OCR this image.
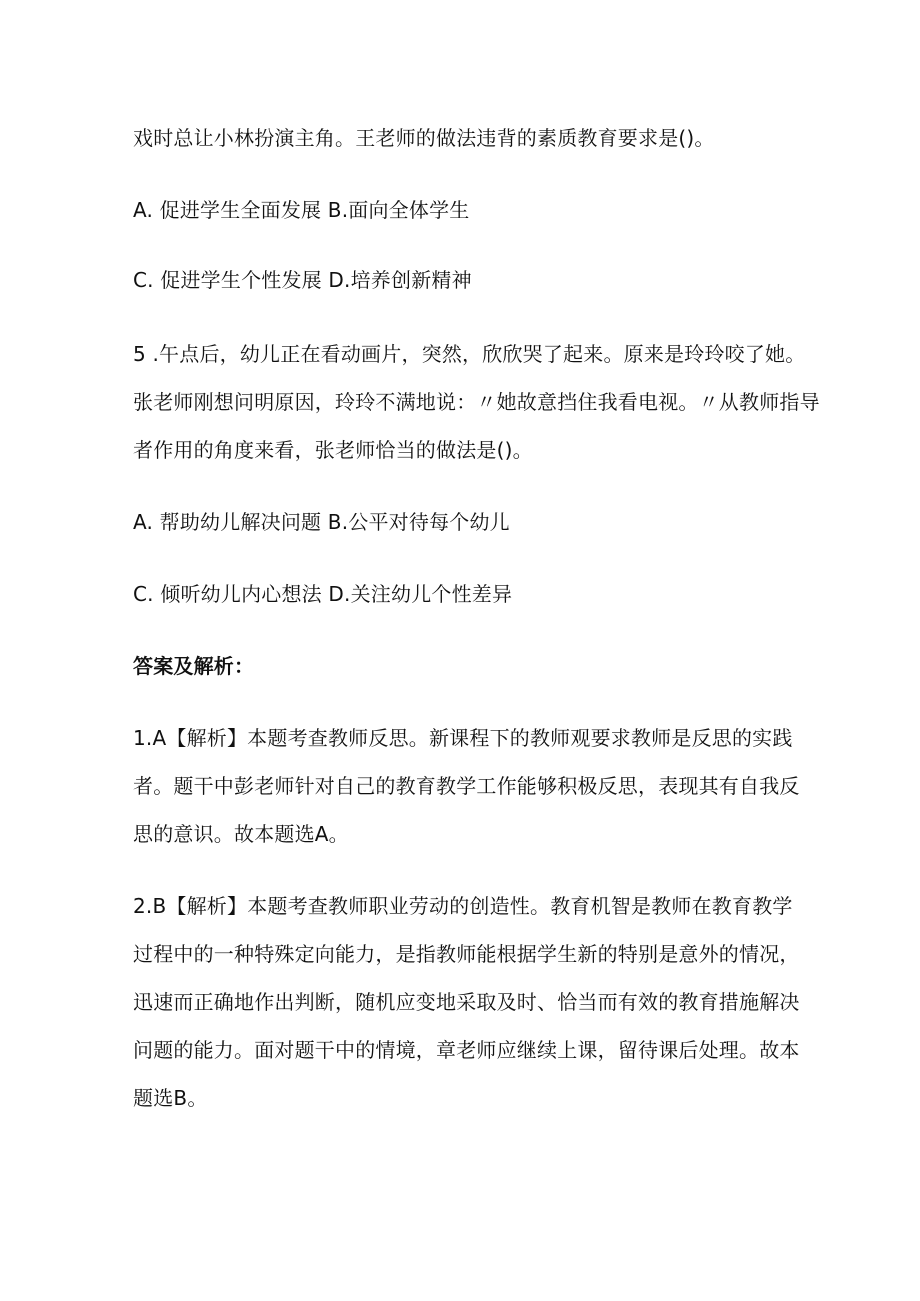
戏时总让小林扮演主角。王老师的做法违背的素质教育要求是()。
A. 促进学生全面发展 B.面向全体学生
C. 促进学生个性发展 D.培养创新精神
5 .午点后，幼儿正在看动画片，突然，欣欣哭了起来。原来是玲玲咬了她。
张老师刚想问明原因，玲玲不满地说：〃她故意挡住我看电视。〃从教师指导
者作用的角度来看，张老师恰当的做法是()。
A. 帮助幼儿解决问题 B.公平对待每个幼儿
C. 倾听幼儿内心想法 D.关注幼儿个性差异
答案及解析：
1.A【解析】本题考查教师反思。新课程下的教师观要求教师是反思的实践
者。题干中彭老师针对自己的教育教学工作能够积极反思，表现其有自我反
思的意识。故本题选A。
2.B【解析】本题考查教师职业劳动的创造性。教育机智是教师在教育教学
过程中的一种特殊定向能力，是指教师能根据学生新的特别是意外的情况，
迅速而正确地作出判断，随机应变地采取及时、恰当而有效的教育措施解决
问题的能力。面对题干中的情境，章老师应继续上课，留待课后处理。故本
题选B。
